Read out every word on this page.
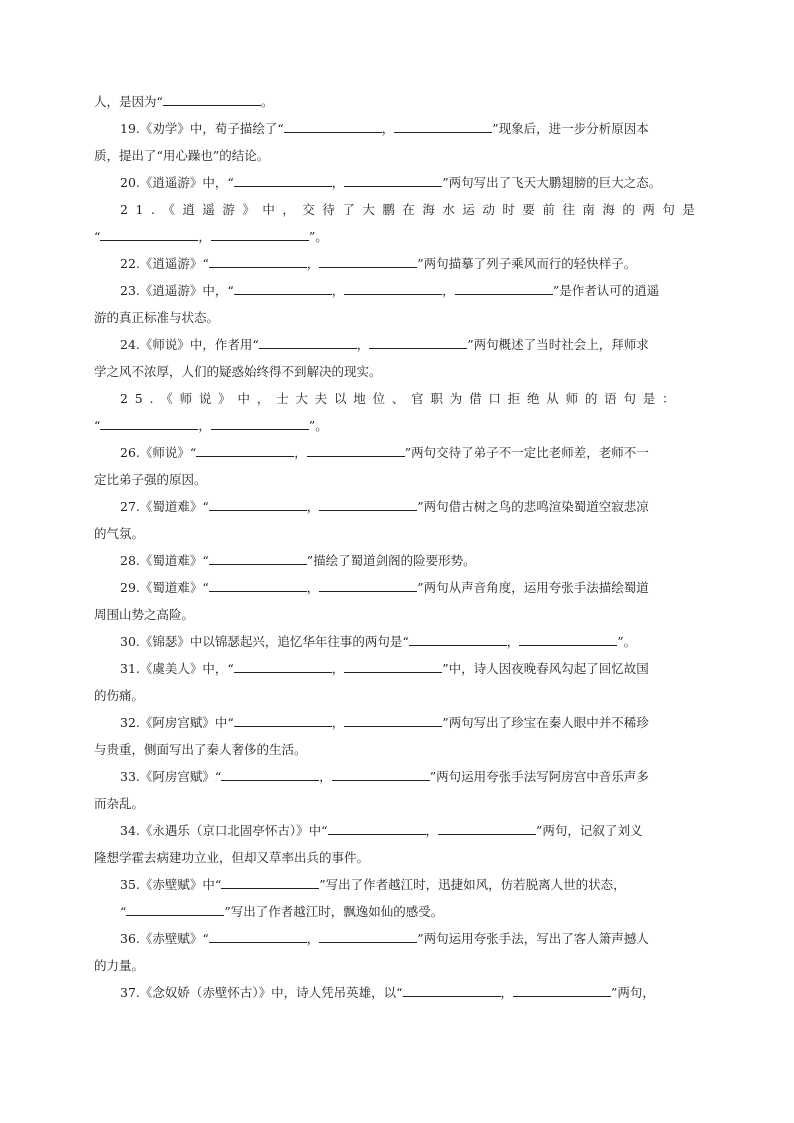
人，是因为“	。
19.《劝学》中，荀子描绘了“	，	”现象后，进一步分析原因本
质，提出了“用心躁也”的结论。
20.《逍遥游》中，“	，	”两句写出了飞天大鹏翅膀的巨大之态。
21.《逍遥游》中，交待了大鹏在海水运动时要前往南海的两句是
“	，	”。
22.《逍遥游》“	，	”两句描摹了列子乘风而行的轻快样子。
23.《逍遥游》中，“	，	，	”是作者认可的逍遥
游的真正标准与状态。
24.《师说》中，作者用“	，	”两句概述了当时社会上，拜师求
学之风不浓厚，人们的疑惑始终得不到解决的现实。
25.《师说》中，士大夫以地位、官职为借口拒绝从师的语句是：
“	，	”。
26.《师说》“	，	”两句交待了弟子不一定比老师差，老师不一
定比弟子强的原因。
27.《蜀道难》“	，	”两句借古树之鸟的悲鸣渲染蜀道空寂悲凉
的气氛。
28.《蜀道难》“	”描绘了蜀道剑阁的险要形势。
29.《蜀道难》“	，	”两句从声音角度，运用夸张手法描绘蜀道
周围山势之高险。
30.《锦瑟》中以锦瑟起兴，追忆华年往事的两句是“	，	”。
31.《虞美人》中，“	，	”中，诗人因夜晚春风勾起了回忆故国
的伤痛。
32.《阿房宫赋》中“	，	”两句写出了珍宝在秦人眼中并不稀珍
与贵重，侧面写出了秦人奢侈的生活。
33.《阿房宫赋》“	，	”两句运用夸张手法写阿房宫中音乐声多
而杂乱。
34.《永遇乐（京口北固亭怀古）》中“	，	”两句，记叙了刘义
隆想学霍去病建功立业，但却又草率出兵的事件。
35.《赤壁赋》中“	”写出了作者越江时，迅捷如风，仿若脱离人世的状态，
“	”写出了作者越江时，飘逸如仙的感受。
36.《赤壁赋》“	，	”两句运用夸张手法，写出了客人箫声撼人
的力量。
37.《念奴娇（赤壁怀古）》中，诗人凭吊英雄，以“	，	”两句，
